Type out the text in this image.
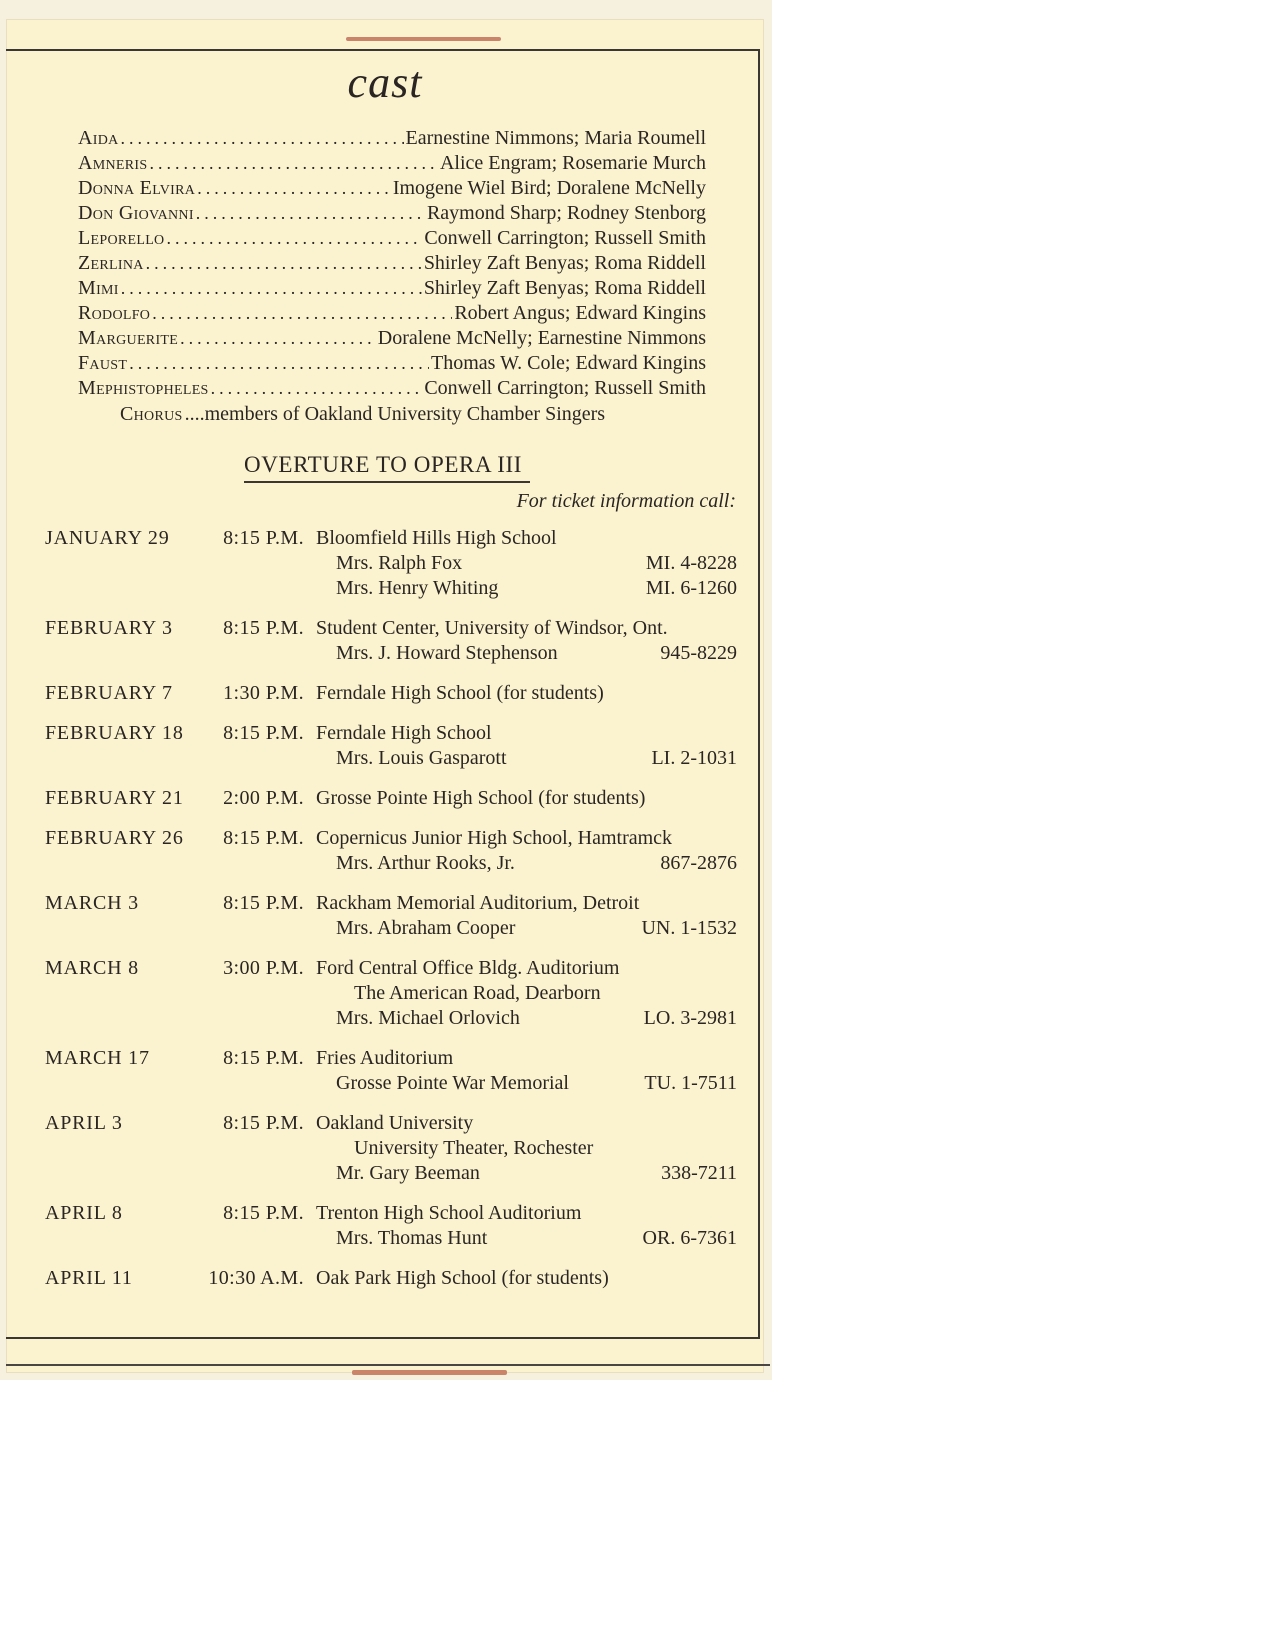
cast
Aida .....	Earnestine Nimmons; Maria Roumell
Amneris .....	Alice Engram; Rosemarie Murch
Donna Elvira .....	Imogene Wiel Bird; Doralene McNelly
Don Giovanni .....	Raymond Sharp; Rodney Stenborg
Leporello .....	Conwell Carrington; Russell Smith
Zerlina .....	Shirley Zaft Benyas; Roma Riddell
Mimi .....	Shirley Zaft Benyas; Roma Riddell
Rodolfo .....	Robert Angus; Edward Kingins
Marguerite .....	Doralene McNelly; Earnestine Nimmons
Faust .....	Thomas W. Cole; Edward Kingins
Mephistopheles .....	Conwell Carrington; Russell Smith
Chorus ....members of Oakland University Chamber Singers
OVERTURE TO OPERA III
For ticket information call:
JANUARY 29	8:15 P.M. Bloomfield Hills High School
Mrs. Ralph Fox	MI. 4-8228
Mrs. Henry Whiting	MI. 6-1260
FEBRUARY 3	8:15 P.M. Student Center, University of Windsor, Ont.
Mrs. J. Howard Stephenson	945-8229
FEBRUARY 7	1:30 P.M. Ferndale High School (for students)
FEBRUARY 18	8:15 P.M. Ferndale High School
Mrs. Louis Gasparott	LI. 2-1031
FEBRUARY 21	2:00 P.M. Grosse Pointe High School (for students)
FEBRUARY 26	8:15 P.M. Copernicus Junior High School, Hamtramck
Mrs. Arthur Rooks, Jr.	867-2876
MARCH 3	8:15 P.M. Rackham Memorial Auditorium, Detroit
Mrs. Abraham Cooper	UN. 1-1532
MARCH 8	3:00 P.M. Ford Central Office Bldg. Auditorium
The American Road, Dearborn
Mrs. Michael Orlovich	LO. 3-2981
MARCH 17	8:15 P.M. Fries Auditorium
Grosse Pointe War Memorial	TU. 1-7511
APRIL 3	8:15 P.M. Oakland University
University Theater, Rochester
Mr. Gary Beeman	338-7211
APRIL 8	8:15 P.M. Trenton High School Auditorium
Mrs. Thomas Hunt	OR. 6-7361
APRIL 11	10:30 A.M. Oak Park High School (for students)
